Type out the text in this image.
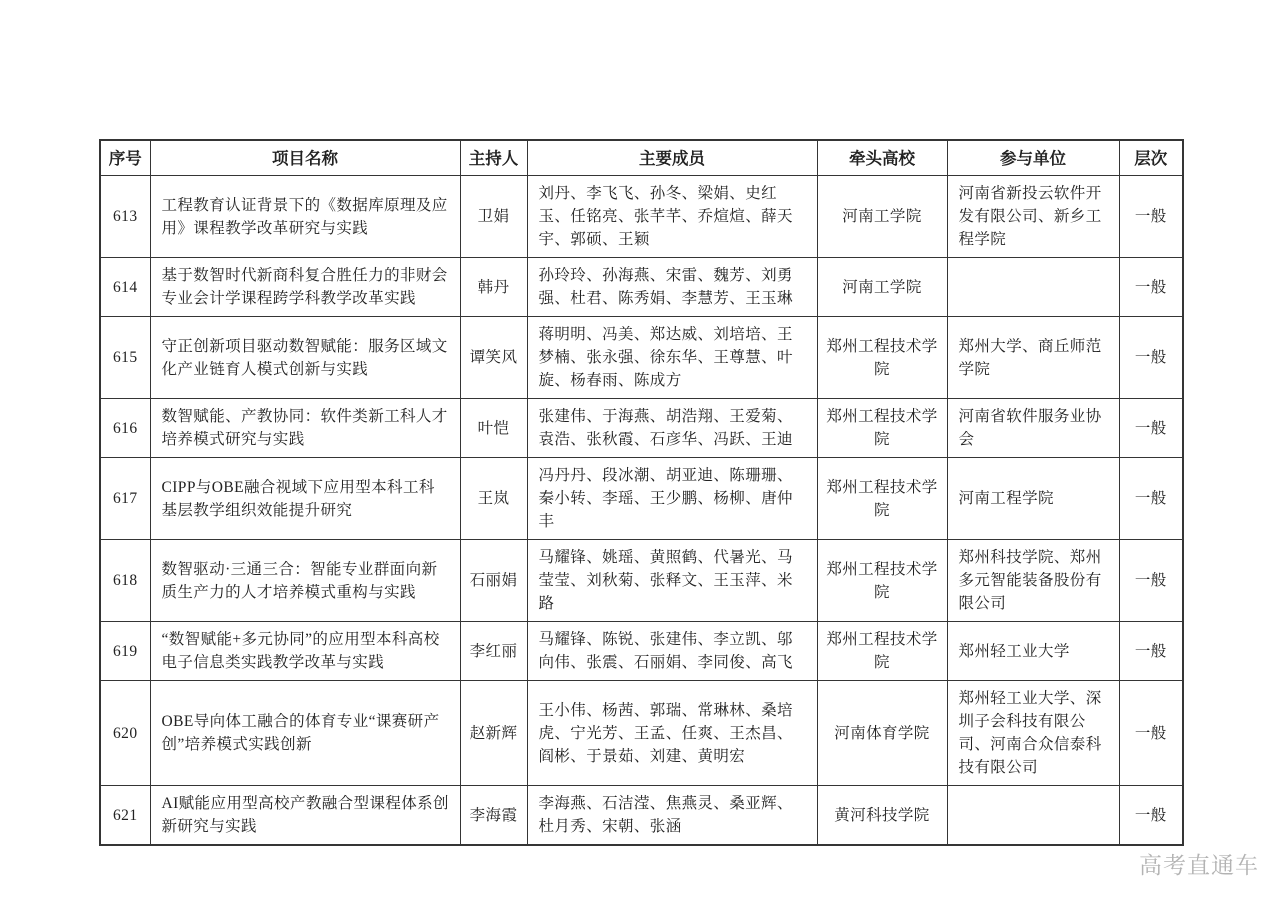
序号	项目名称	主持人	主要成员	牵头高校	参与单位	层次
613	工程教育认证背景下的《数据库原理及应用》课程教学改革研究与实践	卫娟	刘丹、李飞飞、孙冬、梁娟、史红玉、任铭亮、张芊芊、乔煊煊、薛天宇、郭硕、王颖	河南工学院	河南省新投云软件开发有限公司、新乡工程学院	一般
614	基于数智时代新商科复合胜任力的非财会专业会计学课程跨学科教学改革实践	韩丹	孙玲玲、孙海燕、宋雷、魏芳、刘勇强、杜君、陈秀娟、李慧芳、王玉琳	河南工学院		一般
615	守正创新项目驱动数智赋能：服务区域文化产业链育人模式创新与实践	谭笑风	蒋明明、冯美、郑达威、刘培培、王梦楠、张永强、徐东华、王尊慧、叶旋、杨春雨、陈成方	郑州工程技术学院	郑州大学、商丘师范学院	一般
616	数智赋能、产教协同：软件类新工科人才培养模式研究与实践	叶恺	张建伟、于海燕、胡浩翔、王爱菊、袁浩、张秋霞、石彦华、冯跃、王迪	郑州工程技术学院	河南省软件服务业协会	一般
617	CIPP与OBE融合视域下应用型本科工科基层教学组织效能提升研究	王岚	冯丹丹、段冰潮、胡亚迪、陈珊珊、秦小转、李瑶、王少鹏、杨柳、唐仲丰	郑州工程技术学院	河南工程学院	一般
618	数智驱动·三通三合：智能专业群面向新质生产力的人才培养模式重构与实践	石丽娟	马耀锋、姚瑶、黄照鹤、代暑光、马莹莹、刘秋菊、张释文、王玉萍、米路	郑州工程技术学院	郑州科技学院、郑州多元智能装备股份有限公司	一般
619	“数智赋能+多元协同”的应用型本科高校电子信息类实践教学改革与实践	李红丽	马耀锋、陈锐、张建伟、李立凯、邬向伟、张震、石丽娟、李同俊、高飞	郑州工程技术学院	郑州轻工业大学	一般
620	OBE导向体工融合的体育专业“课赛研产创”培养模式实践创新	赵新辉	王小伟、杨茜、郭瑞、常琳林、桑培虎、宁光芳、王孟、任爽、王杰昌、阎彬、于景茹、刘建、黄明宏	河南体育学院	郑州轻工业大学、深圳子会科技有限公司、河南合众信泰科技有限公司	一般
621	AI赋能应用型高校产教融合型课程体系创新研究与实践	李海霞	李海燕、石洁滢、焦燕灵、桑亚辉、杜月秀、宋朝、张涵	黄河科技学院		一般
高考直通车
